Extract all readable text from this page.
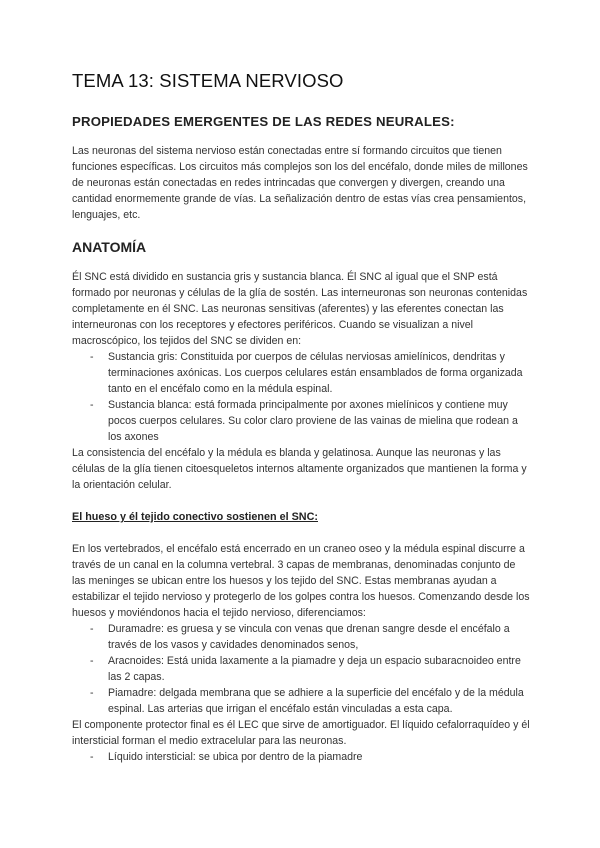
TEMA 13: SISTEMA NERVIOSO
PROPIEDADES EMERGENTES DE LAS REDES NEURALES:

Las neuronas del sistema nervioso están conectadas entre sí formando circuitos que tienen funciones específicas. Los circuitos más complejos son los del encéfalo, donde miles de millones de neuronas están conectadas en redes intrincadas que convergen y divergen, creando una cantidad enormemente grande de vías. La señalización dentro de estas vías crea pensamientos, lenguajes, etc.

ANATOMÍA

Él SNC está dividido en sustancia gris y sustancia blanca. Él SNC al igual que el SNP está formado por neuronas y células de la glía de sostén. Las interneuronas son neuronas contenidas completamente en él SNC. Las neuronas sensitivas (aferentes) y las eferentes conectan las interneuronas con los receptores y efectores periféricos. Cuando se visualizan a nivel macroscópico, los tejidos del SNC se dividen en:

- Sustancia gris: Constituida por cuerpos de células nerviosas amielínicos, dendritas y terminaciones axónicas. Los cuerpos celulares están ensamblados de forma organizada tanto en el encéfalo como en la médula espinal.
- Sustancia blanca: está formada principalmente por axones mielínicos y contiene muy pocos cuerpos celulares. Su color claro proviene de las vainas de mielina que rodean a los axones

La consistencia del encéfalo y la médula es blanda y gelatinosa. Aunque las neuronas y las células de la glía tienen citoesqueletos internos altamente organizados que mantienen la forma y la orientación celular.

El hueso y él tejido conectivo sostienen el SNC:

En los vertebrados, el encéfalo está encerrado en un craneo oseo y la médula espinal discurre a través de un canal en la columna vertebral. 3 capas de membranas, denominadas conjunto de las meninges se ubican entre los huesos y los tejido del SNC. Estas membranas ayudan a estabilizar el tejido nervioso y protegerlo de los golpes contra los huesos. Comenzando desde los huesos y moviéndonos hacia el tejido nervioso, diferenciamos:

- Duramadre: es gruesa y se vincula con venas que drenan sangre desde el encéfalo a través de los vasos y cavidades denominados senos,
- Aracnoides: Está unida laxamente a la piamadre y deja un espacio subaracnoideo entre las 2 capas.
- Piamadre: delgada membrana que se adhiere a la superficie del encéfalo y de la médula espinal. Las arterias que irrigan el encéfalo están vinculadas a esta capa.

El componente protector final es él LEC que sirve de amortiguador. El líquido cefalorraquídeo y él intersticial forman el medio extracelular para las neuronas.

- Líquido intersticial: se ubica por dentro de la piamadre
